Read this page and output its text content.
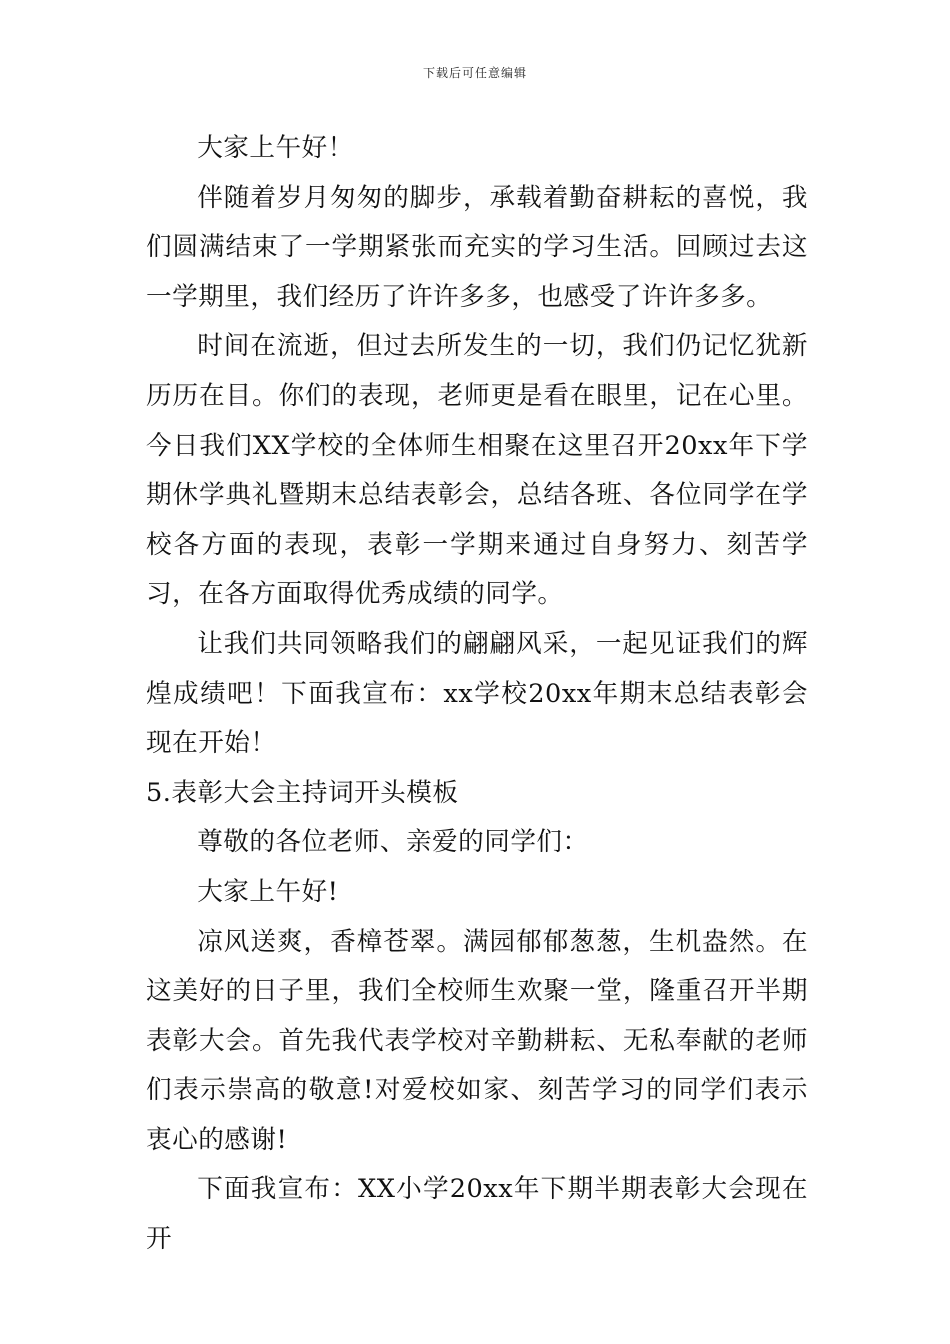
下载后可任意编辑

大家上午好！

伴随着岁月匆匆的脚步，承载着勤奋耕耘的喜悦，我们圆满结束了一学期紧张而充实的学习生活。回顾过去这一学期里，我们经历了许许多多，也感受了许许多多。

时间在流逝，但过去所发生的一切，我们仍记忆犹新历历在目。你们的表现，老师更是看在眼里，记在心里。今日我们XX学校的全体师生相聚在这里召开20xx年下学期休学典礼暨期末总结表彰会，总结各班、各位同学在学校各方面的表现，表彰一学期来通过自身努力、刻苦学习，在各方面取得优秀成绩的同学。

让我们共同领略我们的翩翩风采，一起见证我们的辉煌成绩吧！下面我宣布：xx学校20xx年期末总结表彰会现在开始！

5.表彰大会主持词开头模板

尊敬的各位老师、亲爱的同学们：

大家上午好!

凉风送爽，香樟苍翠。满园郁郁葱葱，生机盎然。在这美好的日子里，我们全校师生欢聚一堂，隆重召开半期表彰大会。首先我代表学校对辛勤耕耘、无私奉献的老师们表示崇高的敬意!对爱校如家、刻苦学习的同学们表示衷心的感谢!

下面我宣布：XX小学20xx年下期半期表彰大会现在开
